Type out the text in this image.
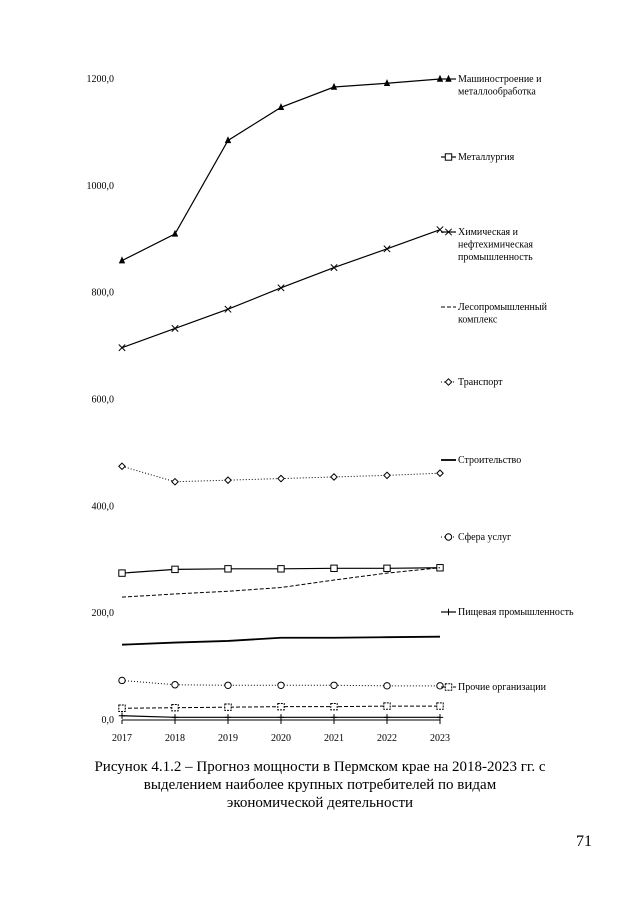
0,0
200,0
400,0
600,0
800,0
1000,0
1200,0
2017	2018	2019	2020	2021	2022	2023
Машиностроение и
металлообработка
Металлургия
Химическая и
нефтехимическая
промышленность
Лесопромышленный
комплекс
Транспорт
Строительство
Сфера услуг
Пищевая промышленность
Прочие организации
Рисунок 4.1.2 – Прогноз мощности в Пермском крае на 2018-2023 гг. с
выделением наиболее крупных потребителей по видам
экономической деятельности
71
